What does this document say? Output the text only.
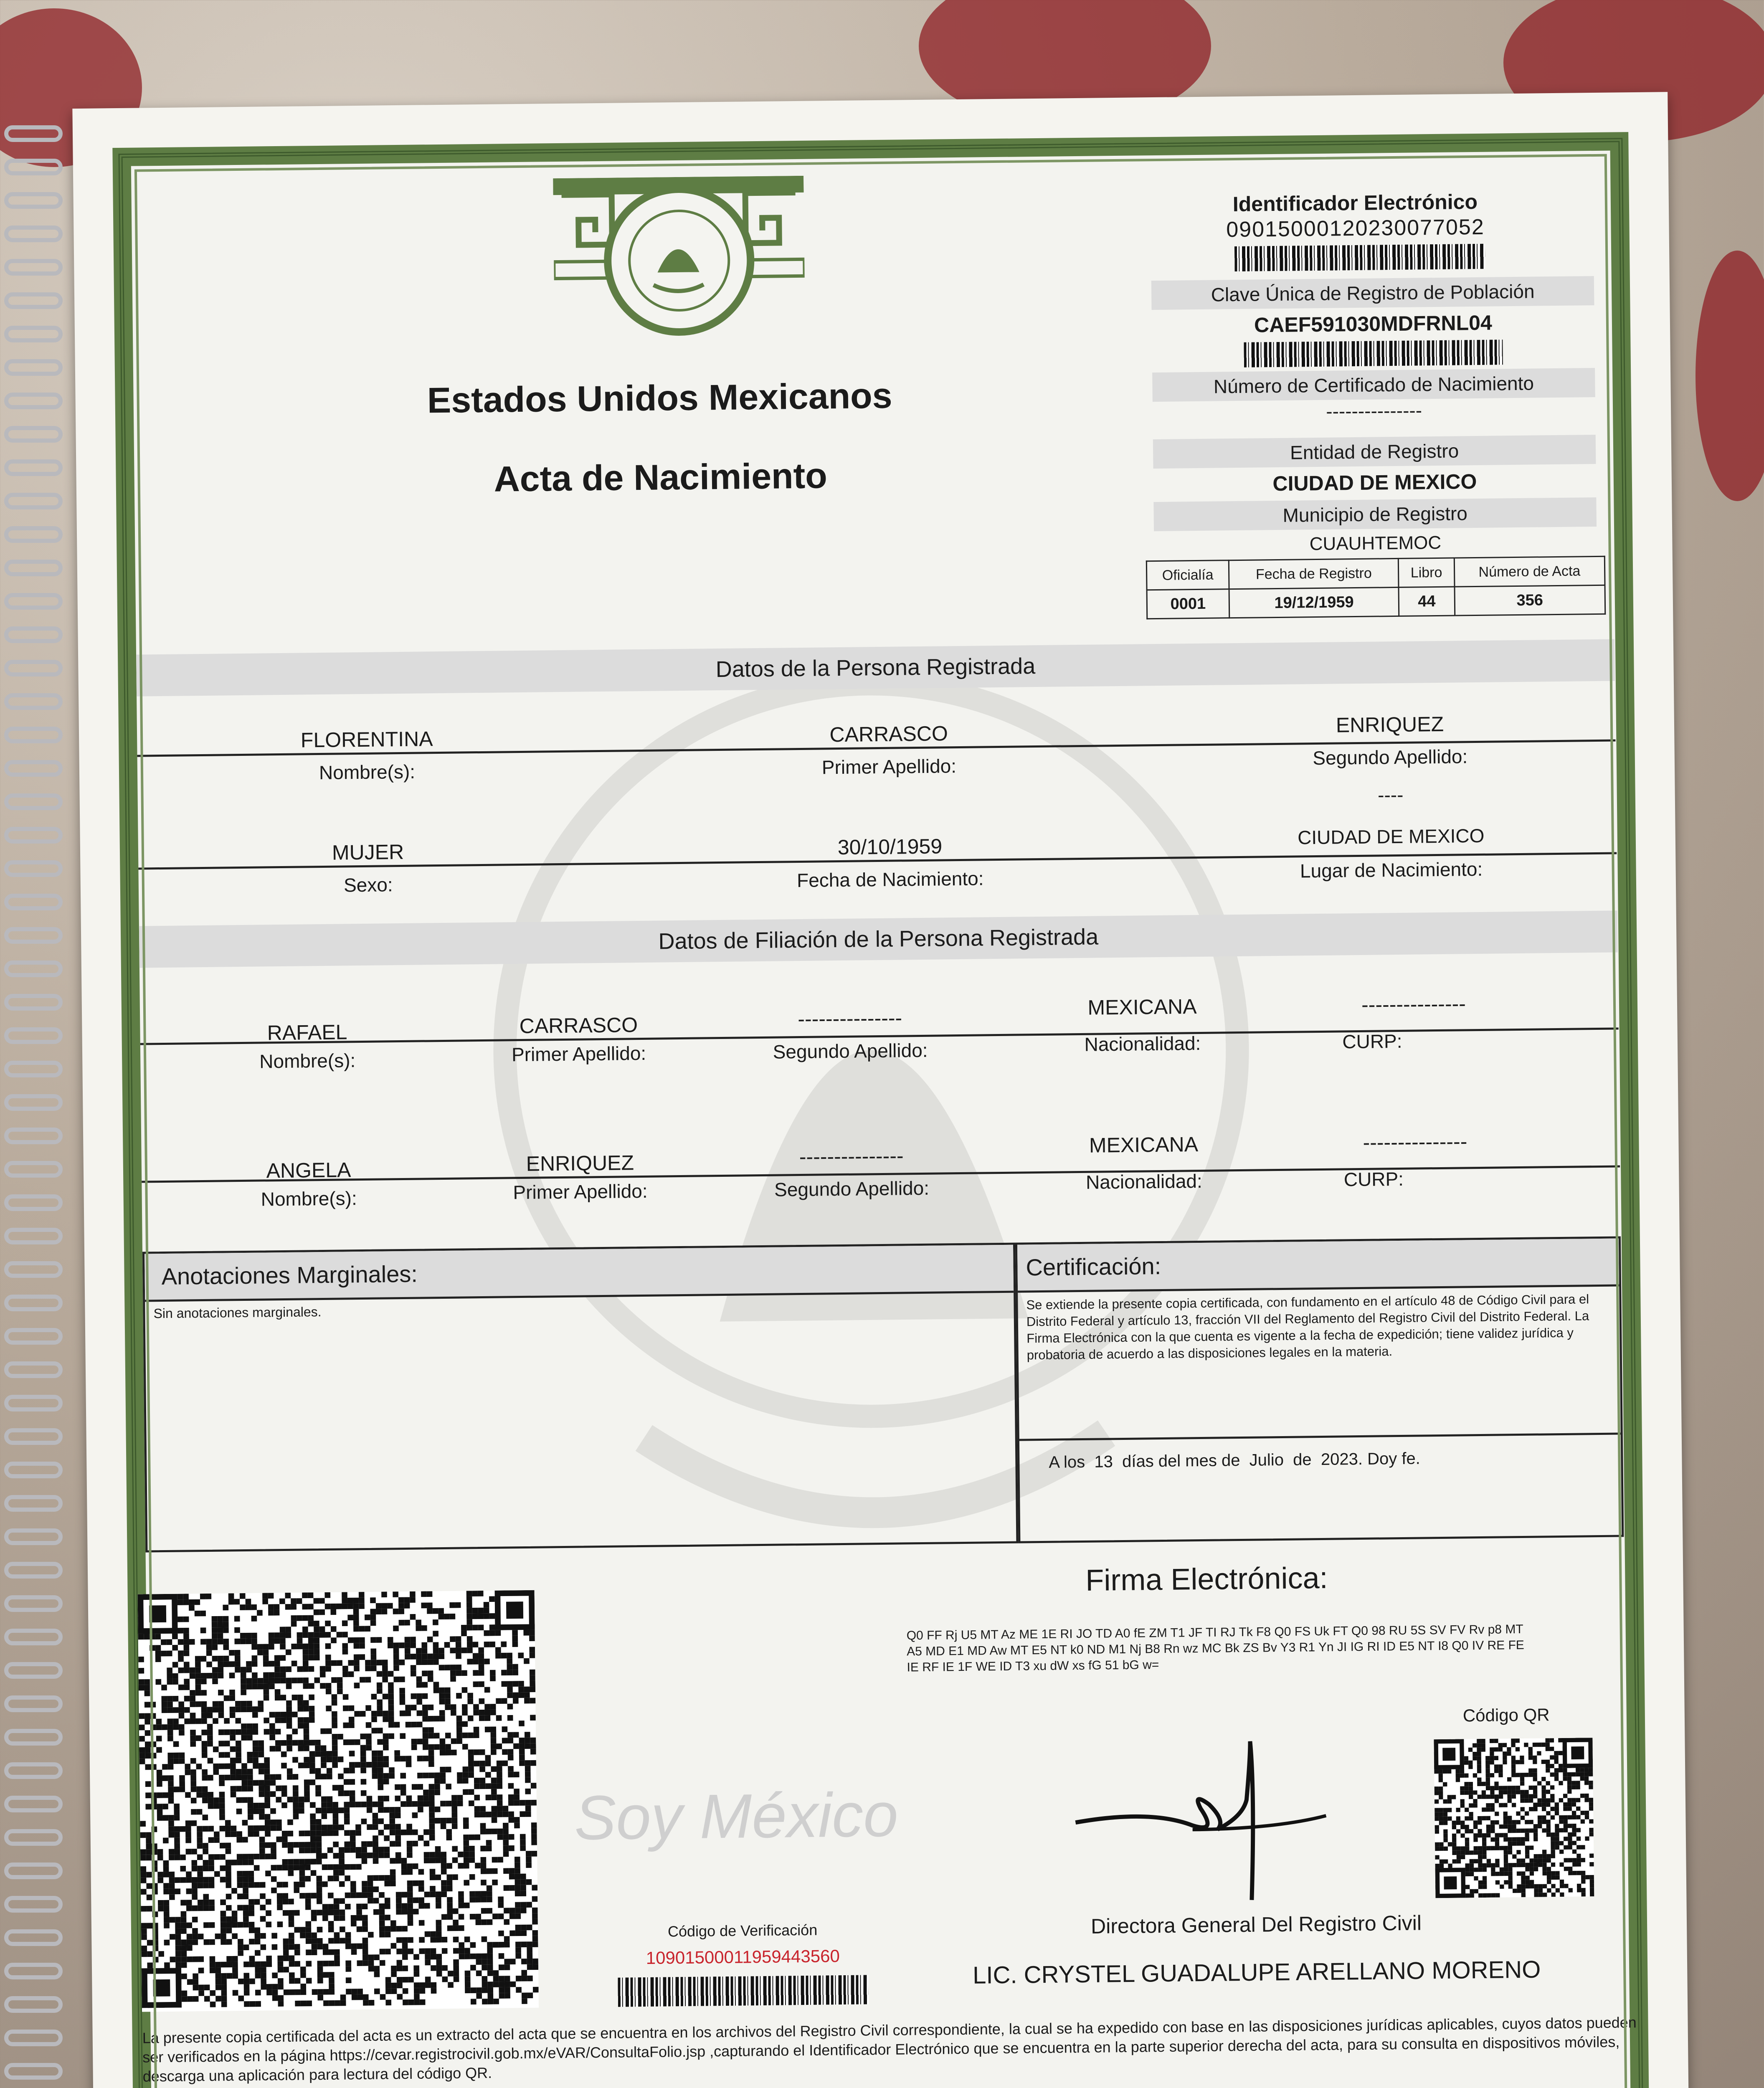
Estados Unidos Mexicanos
Acta de Nacimiento
Identificador Electrónico
09015000120230077052
Clave Única de Registro de Población
CAEF591030MDFRNL04
Número de Certificado de Nacimiento
---------------
Entidad de Registro
CIUDAD DE MEXICO
Municipio de Registro
CUAUHTEMOC
Oficialía	Fecha de Registro	Libro	Número de Acta
0001	19/12/1959	44	356
Datos de la Persona Registrada
FLORENTINA	CARRASCO	ENRIQUEZ
Nombre(s):	Primer Apellido:	Segundo Apellido:
----
MUJER	30/10/1959	CIUDAD DE MEXICO
Sexo:	Fecha de Nacimiento:	Lugar de Nacimiento:
Datos de Filiación de la Persona Registrada
RAFAEL	CARRASCO	---------------	MEXICANA	---------------
Nombre(s):	Primer Apellido:	Segundo Apellido:	Nacionalidad:	CURP:
ANGELA	ENRIQUEZ	---------------	MEXICANA	---------------
Nombre(s):	Primer Apellido:	Segundo Apellido:	Nacionalidad:	CURP:
Anotaciones Marginales:
Sin anotaciones marginales.
Certificación:
Se extiende la presente copia certificada, con fundamento en el artículo 48 de Código Civil para el Distrito Federal y artículo 13, fracción VII del Reglamento del Registro Civil del Distrito Federal. La Firma Electrónica con la que cuenta es vigente a la fecha de expedición; tiene validez jurídica y probatoria de acuerdo a las disposiciones legales en la materia.
A los  13  días del mes de  Julio  de  2023. Doy fe.
Firma Electrónica:
Q0 FF Rj U5 MT Az ME 1E RI JO TD A0 fE ZM T1 JF TI RJ Tk F8 Q0 FS Uk FT Q0 98 RU 5S SV FV Rv p8 MT A5 MD E1 MD Aw MT E5 NT k0 ND M1 Nj B8 Rn wz MC Bk ZS Bv Y3 R1 Yn JI IG RI ID E5 NT I8 Q0 IV RE FE IE RF IE 1F WE ID T3 xu dW xs fG 51 bG w=
Código QR
Soy México
Directora General Del Registro Civil
LIC. CRYSTEL GUADALUPE ARELLANO MORENO
Código de Verificación
109015000119594435​60
La presente copia certificada del acta es un extracto del acta que se encuentra en los archivos del Registro Civil correspondiente, la cual se ha expedido con base en las disposiciones jurídicas aplicables, cuyos datos pueden ser verificados en la página https://cevar.registrocivil.gob.mx/eVAR/ConsultaFolio.jsp ,capturando el Identificador Electrónico que se encuentra en la parte superior derecha del acta, para su consulta en dispositivos móviles, descarga una aplicación para lectura del código QR.
